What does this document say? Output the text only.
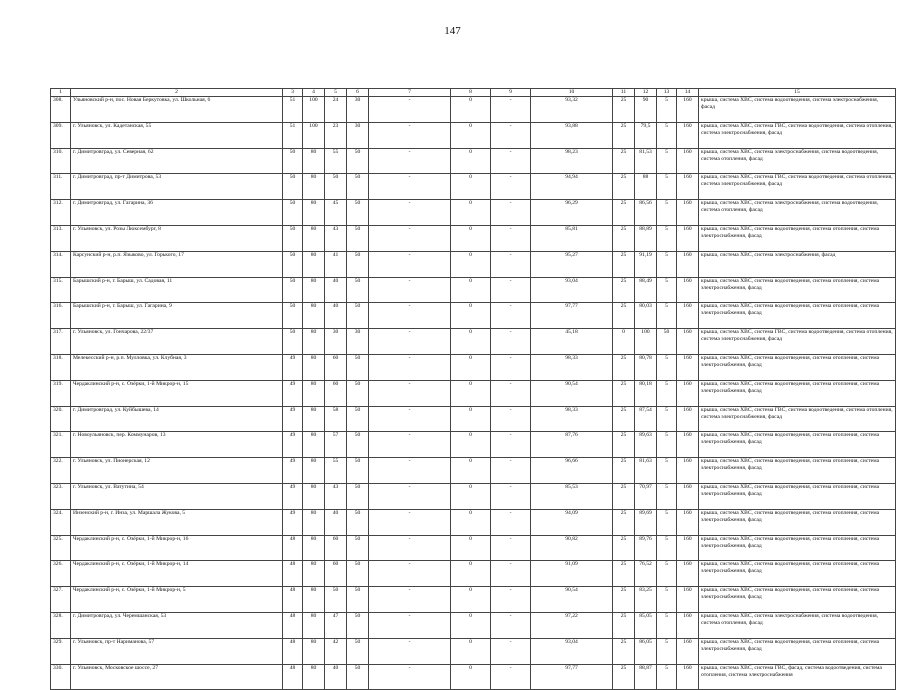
147
1	2	3	4	5	6	7	8	9	10	11	12	13	14	15
308.	Ульяновский р-н, пос. Новая Беркутовка, ул. Школьная, 6	51	100	24	30	-	0	-	93,32	25	90	5	160	крыша, система ХВС, система водоотведения, система электроснабжения, фасад
309.	г. Ульяновск, ул. Кадетанская, 55	51	100	23	30	-	0	-	93,88	25	79,5	5	160	крыша, система ХВС, система ГВС, система водоотведения, система отопления, система электроснабжения, фасад
310.	г. Димитровград, ул. Северная, 62	50	80	55	50	-	0	-	98,23	25	81,53	5	160	крыша, система ХВС, система электроснабжения, система водоотведения, система отопления, фасад
311.	г. Димитровград, пр-т Димитрова, 53	50	80	50	50	-	0	-	94,94	25	88	5	160	крыша, система ХВС, система ГВС, система водоотведения, система отопления, система электроснабжения, фасад
312.	г. Димитровград, ул. Гагарина, 36	50	80	45	50	-	0	-	96,29	25	86,56	5	160	крыша, система ХВС, система электроснабжения, система водоотведения, система отопления, фасад
313.	г. Ульяновск, ул. Розы Люксембург, 8	50	80	43	50	-	0	-	85,81	25	88,89	5	160	крыша, система ХВС, система водоотведения, система отопления, система электроснабжения, фасад
314.	Карсунский р-н, р.п. Языково, ул. Горького, 17	50	80	41	50	-	0	-	95,27	25	91,19	5	160	крыша, система ХВС, система электроснабжения, фасад
315.	Барышский р-н, г. Барыш, ул. Садовая, 11	50	80	40	50	-	0	-	93,04	25	88,49	5	160	крыша, система ХВС, система водоотведения, система отопления, система электроснабжения, фасад
316.	Барышский р-н, г. Барыш, ул. Гагарина, 9	50	80	40	50	-	0	-	97,77	25	80,03	5	160	крыша, система ХВС, система водоотведения, система отопления, система электроснабжения, фасад
317.	г. Ульяновск, ул. Гончарова, 22/37	50	80	30	30	-	0	-	45,18	0	100	50	160	крыша, система ХВС, система ГВС, система водоотведения, система отопления, система электроснабжения, фасад
318.	Мелекесский р-н, р.п. Мулловка, ул. Клубная, 3	49	80	60	50	-	0	-	98,33	25	80,78	5	160	крыша, система ХВС, система водоотведения, система отопления, система электроснабжения, фасад
319.	Чердаклинский р-н, с. Озёрки, 1-й Микрор-н, 15	49	80	60	50	-	0	-	90,54	25	80,18	5	160	крыша, система ХВС, система водоотведения, система отопления, система электроснабжения, фасад
320.	г. Димитровград, ул. Куйбышева, 14	49	80	58	50	-	0	-	98,33	25	87,54	5	160	крыша, система ХВС, система ГВС, система водоотведения, система отопления, система электроснабжения, фасад
321.	г. Новоульяновск, пер. Коммунаров, 13	49	80	57	50	-	0	-	87,76	25	89,63	5	160	крыша, система ХВС, система водоотведения, система отопления, система электроснабжения, фасад
322.	г. Ульяновск, ул. Пионерская, 12	49	80	55	50	-	0	-	96,66	25	81,63	5	160	крыша, система ХВС, система водоотведения, система отопления, система электроснабжения, фасад
323.	г. Ульяновск, ул. Ватутина, 54	49	80	43	50	-	0	-	85,53	25	70,97	5	160	крыша, система ХВС, система водоотведения, система отопления, система электроснабжения, фасад
324.	Инзенский р-н, г. Инза, ул. Маршала Жукова, 5	49	80	40	50	-	0	-	94,09	25	89,69	5	160	крыша, система ХВС, система водоотведения, система отопления, система электроснабжения, фасад
325.	Чердаклинский р-н, с. Озёрки, 1-й Микрор-н, 16	48	80	60	50	-	0	-	90,82	25	89,76	5	160	крыша, система ХВС, система водоотведения, система отопления, система электроснабжения, фасад
326.	Чердаклинский р-н, с. Озёрки, 1-й Микрор-н, 14	48	80	60	50	-	0	-	91,09	25	76,52	5	160	крыша, система ХВС, система водоотведения, система отопления, система электроснабжения, фасад
327.	Чердаклинский р-н, с. Озёрки, 1-й Микрор-н, 5	48	80	50	50	-	0	-	90,54	25	83,25	5	160	крыша, система ХВС, система водоотведения, система отопления, система электроснабжения, фасад
328.	г. Димитровград, ул. Черемшанская, 53	48	80	47	50	-	0	-	97,22	25	85,05	5	160	крыша, система ХВС, система электроснабжения, система водоотведения, система отопления, фасад
329.	г. Ульяновск, пр-т Нариманова, 57	48	80	42	50	-	0	-	93,04	25	86,05	5	160	крыша, система ХВС, система водоотведения, система отопления, система электроснабжения, фасад
330.	г. Ульяновск, Московское шоссе, 27	48	80	40	50	-	0	-	97,77	25	88,87	5	160	крыша, система ХВС, система ГВС, фасад, система водоотведения, система отопления, система электроснабжения
